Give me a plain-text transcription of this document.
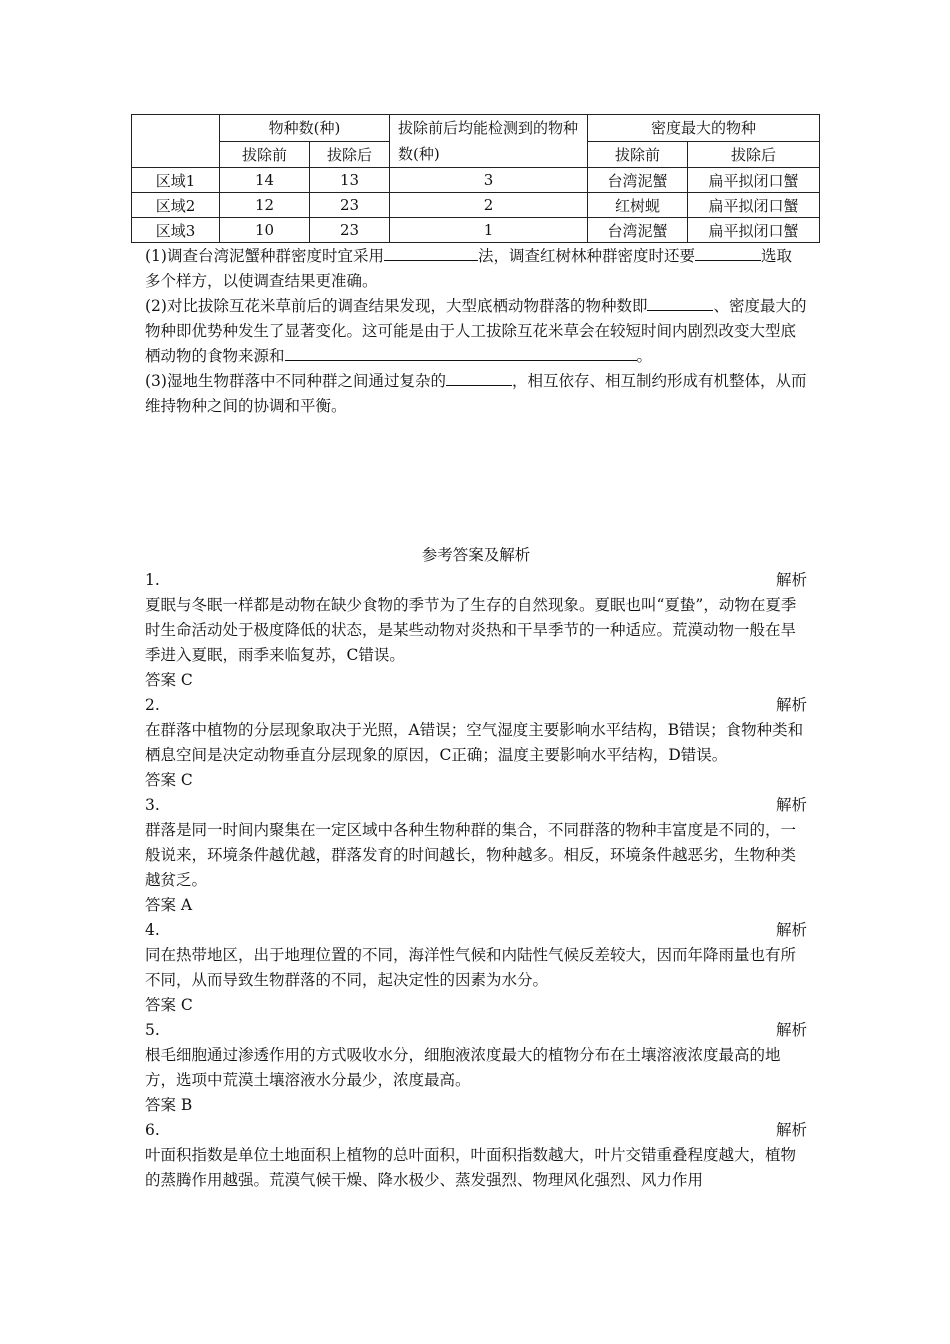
	物种数(种)		拔除前后均能检测到的物种数(种)	密度最大的物种	
	拔除前	拔除后		拔除前	拔除后
区域1	14	13	3	台湾泥蟹	扁平拟闭口蟹
区域2	12	23	2	红树蚬	扁平拟闭口蟹
区域3	10	23	1	台湾泥蟹	扁平拟闭口蟹

(1)调查台湾泥蟹种群密度时宜采用	法，调查红树林种群密度时还要	选取多个样方，以使调查结果更准确。

(2)对比拔除互花米草前后的调查结果发现，大型底栖动物群落的物种数即	、密度最大的物种即优势种发生了显著变化。这可能是由于人工拔除互花米草会在较短时间内剧烈改变大型底栖动物的食物来源和	。

(3)湿地生物群落中不同种群之间通过复杂的	，相互依存、相互制约形成有机整体，从而维持物种之间的协调和平衡。

参考答案及解析

1.	解析

夏眠与冬眠一样都是动物在缺少食物的季节为了生存的自然现象。夏眠也叫“夏蛰”，动物在夏季时生命活动处于极度降低的状态，是某些动物对炎热和干旱季节的一种适应。荒漠动物一般在旱季进入夏眠，雨季来临复苏，C错误。

答案 C

2.	解析

在群落中植物的分层现象取决于光照，A错误；空气湿度主要影响水平结构，B错误；食物种类和栖息空间是决定动物垂直分层现象的原因，C正确；温度主要影响水平结构，D错误。

答案 C

3.	解析

群落是同一时间内聚集在一定区域中各种生物种群的集合，不同群落的物种丰富度是不同的，一般说来，环境条件越优越，群落发育的时间越长，物种越多。相反，环境条件越恶劣，生物种类越贫乏。

答案 A

4.	解析

同在热带地区，出于地理位置的不同，海洋性气候和内陆性气候反差较大，因而年降雨量也有所不同，从而导致生物群落的不同，起决定性的因素为水分。

答案 C

5.	解析

根毛细胞通过渗透作用的方式吸收水分，细胞液浓度最大的植物分布在土壤溶液浓度最高的地方，选项中荒漠土壤溶液水分最少，浓度最高。

答案 B

6.	解析

叶面积指数是单位土地面积上植物的总叶面积，叶面积指数越大，叶片交错重叠程度越大，植物的蒸腾作用越强。荒漠气候干燥、降水极少、蒸发强烈、物理风化强烈、风力作用
